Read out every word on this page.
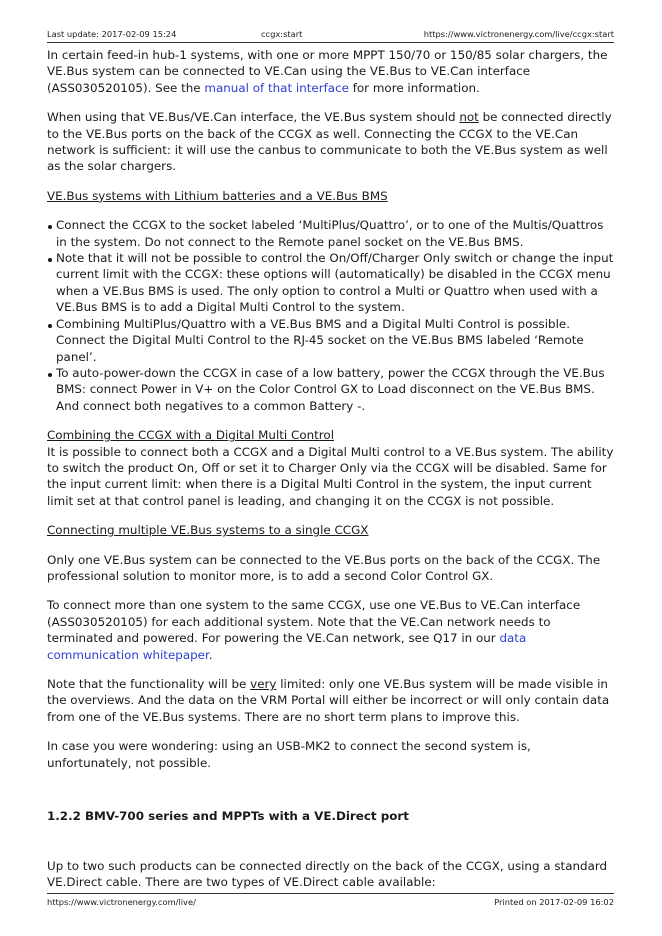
Last update: 2017-02-09 15:24	ccgx:start	https://www.victronenergy.com/live/ccgx:start

In certain feed-in hub-1 systems, with one or more MPPT 150/70 or 150/85 solar chargers, the VE.Bus system can be connected to VE.Can using the VE.Bus to VE.Can interface (ASS030520105). See the manual of that interface for more information.

When using that VE.Bus/VE.Can interface, the VE.Bus system should not be connected directly to the VE.Bus ports on the back of the CCGX as well. Connecting the CCGX to the VE.Can network is sufficient: it will use the canbus to communicate to both the VE.Bus system as well as the solar chargers.

VE.Bus systems with Lithium batteries and a VE.Bus BMS

Connect the CCGX to the socket labeled ‘MultiPlus/Quattro’, or to one of the Multis/Quattros in the system. Do not connect to the Remote panel socket on the VE.Bus BMS.
Note that it will not be possible to control the On/Off/Charger Only switch or change the input current limit with the CCGX: these options will (automatically) be disabled in the CCGX menu when a VE.Bus BMS is used. The only option to control a Multi or Quattro when used with a VE.Bus BMS is to add a Digital Multi Control to the system.
Combining MultiPlus/Quattro with a VE.Bus BMS and a Digital Multi Control is possible. Connect the Digital Multi Control to the RJ-45 socket on the VE.Bus BMS labeled ‘Remote panel’.
To auto-power-down the CCGX in case of a low battery, power the CCGX through the VE.Bus BMS: connect Power in V+ on the Color Control GX to Load disconnect on the VE.Bus BMS. And connect both negatives to a common Battery -.

Combining the CCGX with a Digital Multi Control

It is possible to connect both a CCGX and a Digital Multi control to a VE.Bus system. The ability to switch the product On, Off or set it to Charger Only via the CCGX will be disabled. Same for the input current limit: when there is a Digital Multi Control in the system, the input current limit set at that control panel is leading, and changing it on the CCGX is not possible.

Connecting multiple VE.Bus systems to a single CCGX

Only one VE.Bus system can be connected to the VE.Bus ports on the back of the CCGX. The professional solution to monitor more, is to add a second Color Control GX.

To connect more than one system to the same CCGX, use one VE.Bus to VE.Can interface (ASS030520105) for each additional system. Note that the VE.Can network needs to terminated and powered. For powering the VE.Can network, see Q17 in our data communication whitepaper.

Note that the functionality will be very limited: only one VE.Bus system will be made visible in the overviews. And the data on the VRM Portal will either be incorrect or will only contain data from one of the VE.Bus systems. There are no short term plans to improve this.

In case you were wondering: using an USB-MK2 to connect the second system is, unfortunately, not possible.

1.2.2 BMV-700 series and MPPTs with a VE.Direct port

Up to two such products can be connected directly on the back of the CCGX, using a standard VE.Direct cable. There are two types of VE.Direct cable available:

https://www.victronenergy.com/live/	Printed on 2017-02-09 16:02
